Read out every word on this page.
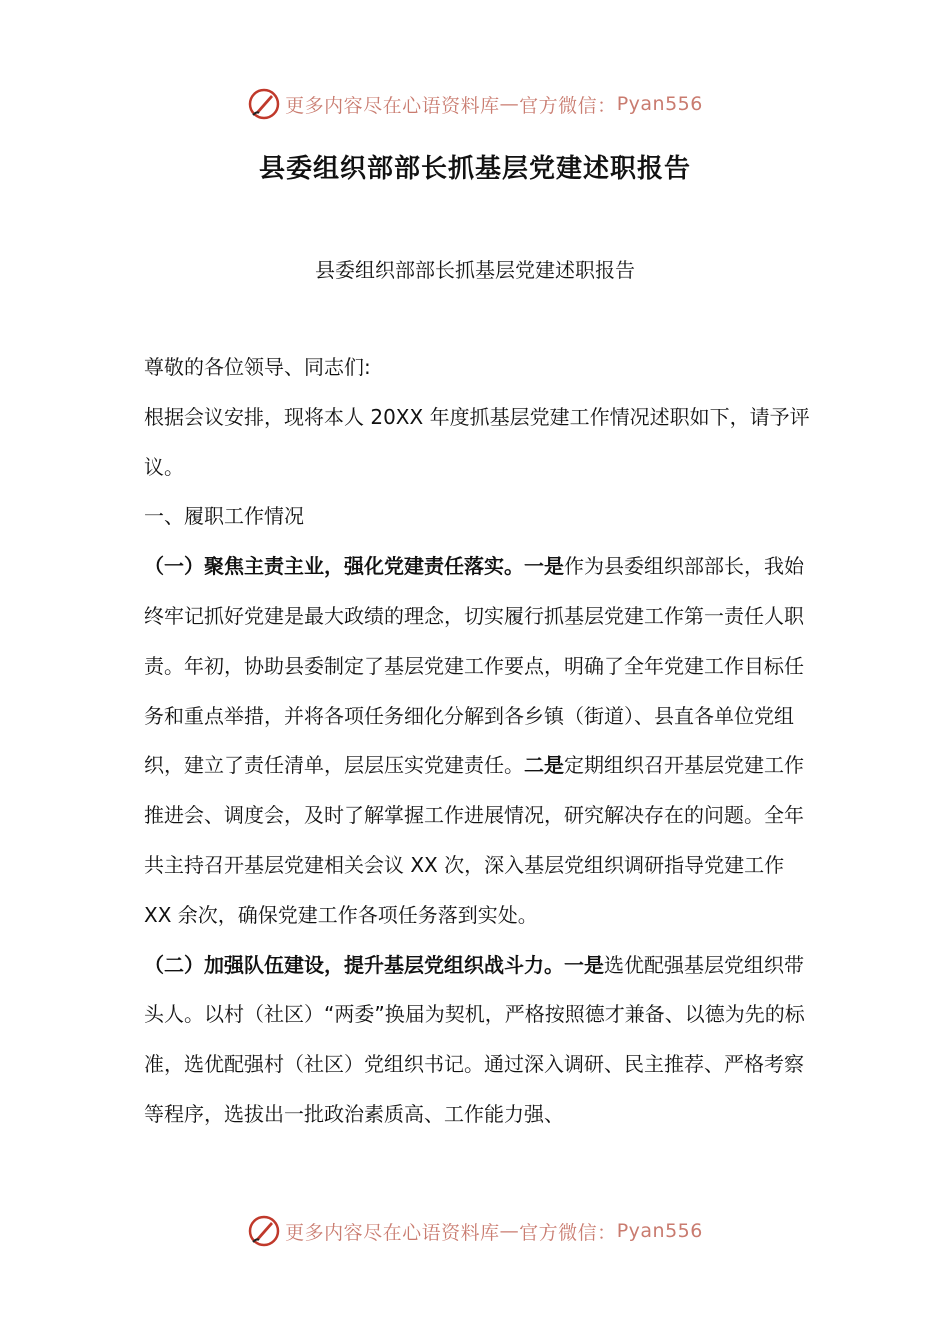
更多内容尽在心语资料库 — 官方微信： Pyan556
县委组织部部长抓基层党建述职报告
县委组织部部长抓基层党建述职报告

尊敬的各位领导、同志们:

根据会议安排，现将本人 20XX 年度抓基层党建工作情况述职如下，请予评议。

一、履职工作情况

（一）聚焦主责主业，强化党建责任落实。一是作为县委组织部部长，我始终牢记抓好党建是最大政绩的理念，切实履行抓基层党建工作第一责任人职责。年初，协助县委制定了基层党建工作要点，明确了全年党建工作目标任务和重点举措，并将各项任务细化分解到各乡镇（街道）、县直各单位党组织，建立了责任清单，层层压实党建责任。二是定期组织召开基层党建工作推进会、调度会，及时了解掌握工作进展情况，研究解决存在的问题。全年共主持召开基层党建相关会议 XX 次，深入基层党组织调研指导党建工作 XX 余次，确保党建工作各项任务落到实处。

（二）加强队伍建设，提升基层党组织战斗力。一是选优配强基层党组织带头人。以村（社区）“两委”换届为契机，严格按照德才兼备、以德为先的标准，选优配强村（社区）党组织书记。通过深入调研、民主推荐、严格考察等程序，选拔出一批政治素质高、工作能力强、

更多内容尽在心语资料库 — 官方微信： Pyan556
